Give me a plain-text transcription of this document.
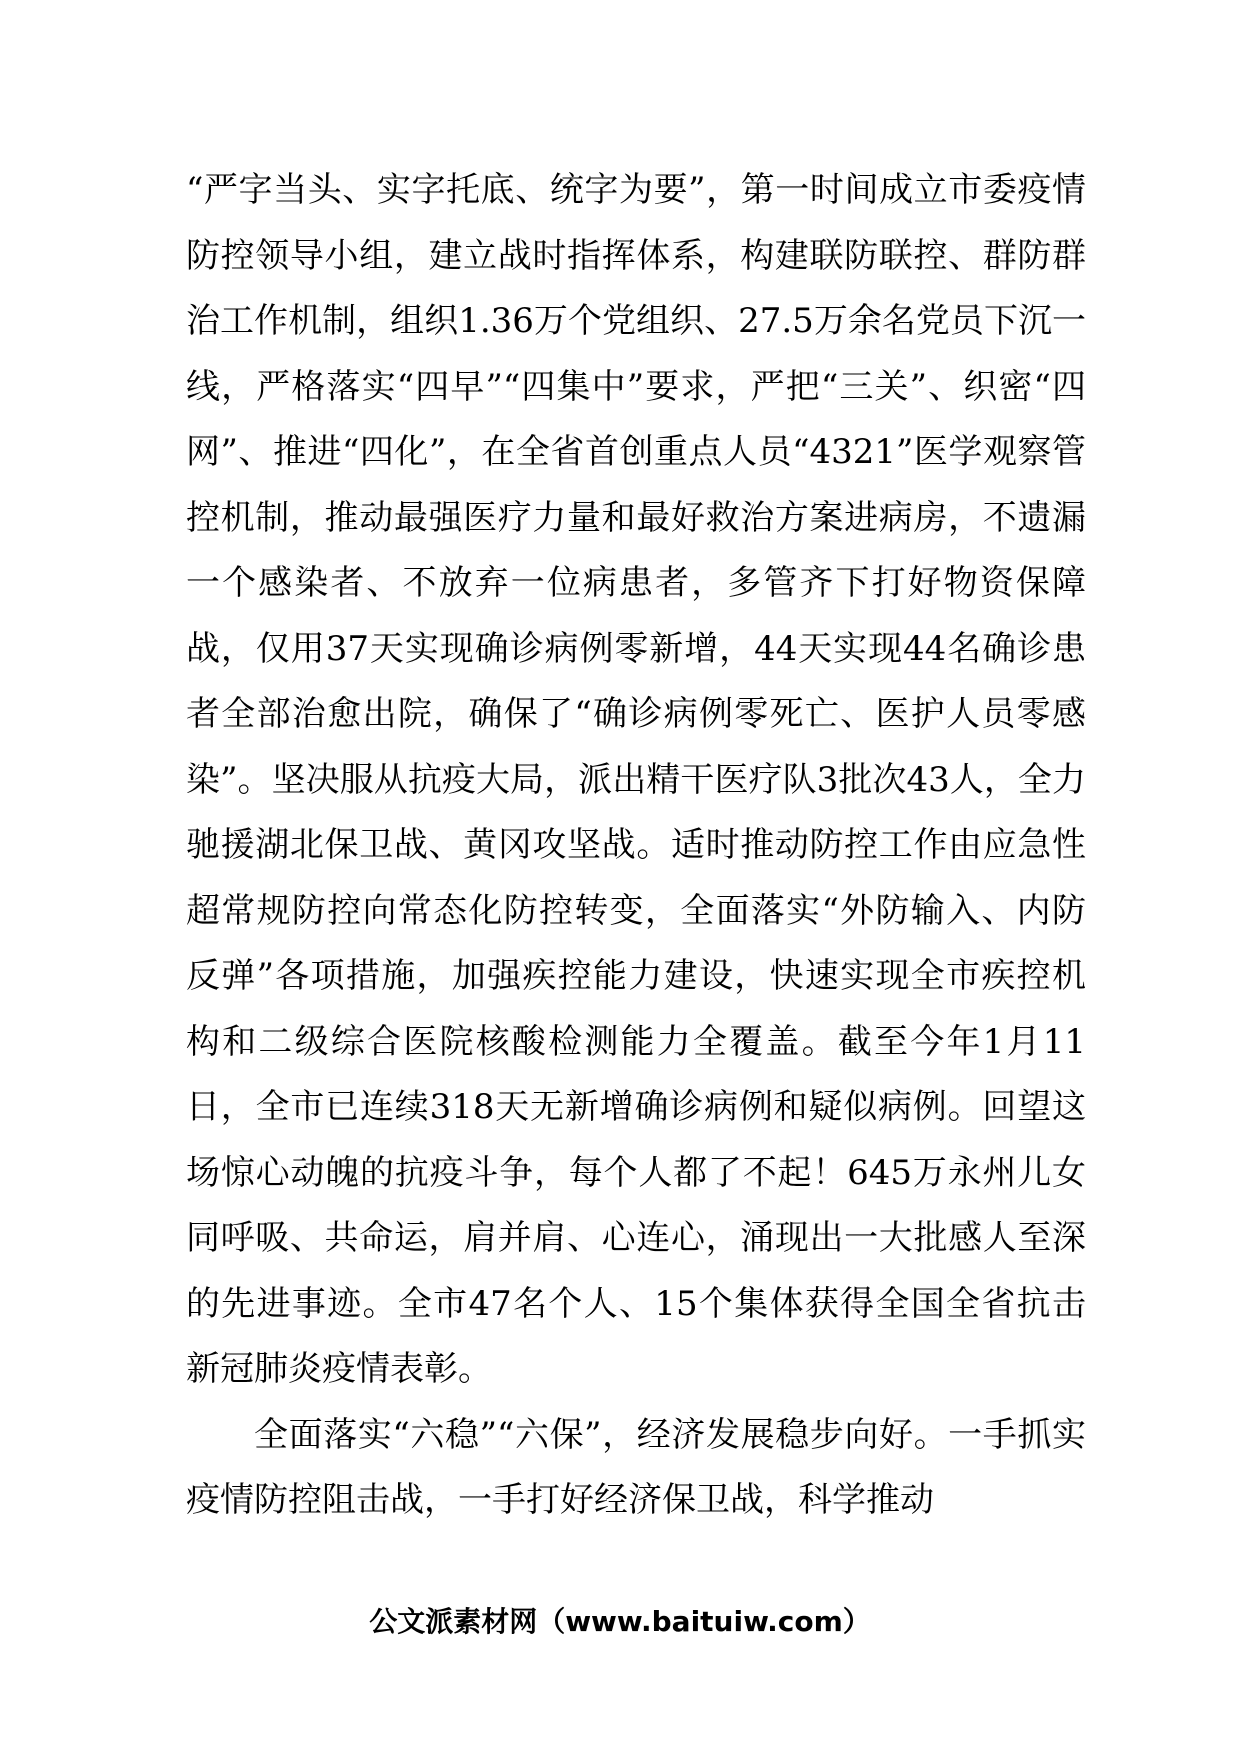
“严字当头、实字托底、统字为要”，第一时间成立市委疫情防控领导小组，建立战时指挥体系，构建联防联控、群防群治工作机制，组织1.36万个党组织、27.5万余名党员下沉一线，严格落实“四早”“四集中”要求，严把“三关”、织密“四网”、推进“四化”，在全省首创重点人员“4321”医学观察管控机制，推动最强医疗力量和最好救治方案进病房，不遗漏一个感染者、不放弃一位病患者，多管齐下打好物资保障战，仅用37天实现确诊病例零新增，44天实现44名确诊患者全部治愈出院，确保了“确诊病例零死亡、医护人员零感染”。坚决服从抗疫大局，派出精干医疗队3批次43人，全力驰援湖北保卫战、黄冈攻坚战。适时推动防控工作由应急性超常规防控向常态化防控转变，全面落实“外防输入、内防反弹”各项措施，加强疾控能力建设，快速实现全市疾控机构和二级综合医院核酸检测能力全覆盖。截至今年1月11日，全市已连续318天无新增确诊病例和疑似病例。回望这场惊心动魄的抗疫斗争，每个人都了不起！645万永州儿女同呼吸、共命运，肩并肩、心连心，涌现出一大批感人至深的先进事迹。全市47名个人、15个集体获得全国全省抗击新冠肺炎疫情表彰。

全面落实“六稳”“六保”，经济发展稳步向好。一手抓实疫情防控阻击战，一手打好经济保卫战，科学推动

公文派素材网（www.baituiw.com）
